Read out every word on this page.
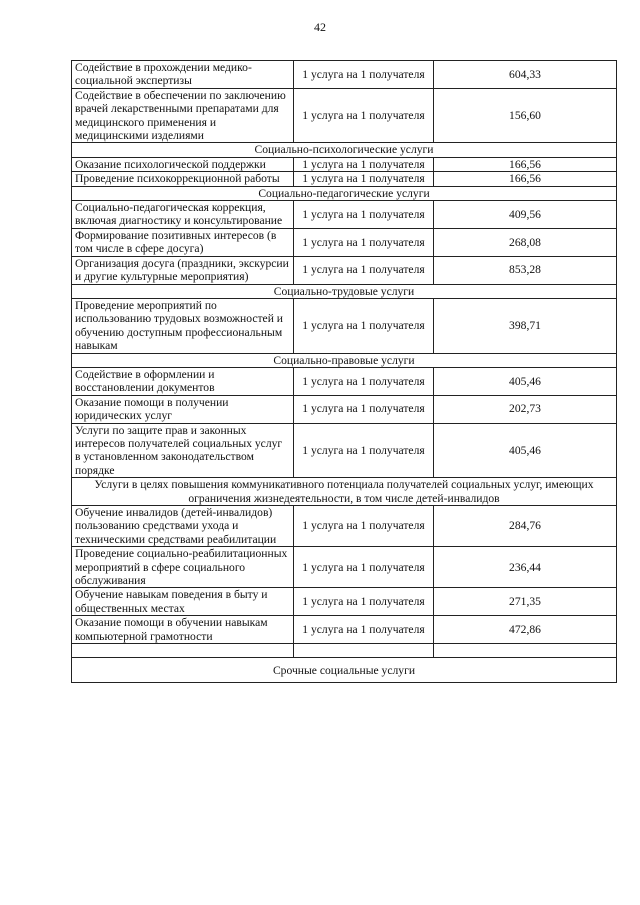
42
Содействие в прохождении медико-социальной экспертизы	1 услуга на 1 получателя	604,33
Содействие в обеспечении по заключению врачей лекарственными препаратами для медицинского применения и медицинскими изделиями	1 услуга на 1 получателя	156,60
Социально-психологические услуги		
Оказание психологической поддержки	1 услуга на 1 получателя	166,56
Проведение психокоррекционной работы	1 услуга на 1 получателя	166,56
Социально-педагогические услуги		
Социально-педагогическая коррекция, включая диагностику и консультирование	1 услуга на 1 получателя	409,56
Формирование позитивных интересов (в том числе в сфере досуга)	1 услуга на 1 получателя	268,08
Организация досуга (праздники, экскурсии и другие культурные мероприятия)	1 услуга на 1 получателя	853,28
Социально-трудовые услуги		
Проведение мероприятий по использованию трудовых возможностей и обучению доступным профессиональным навыкам	1 услуга на 1 получателя	398,71
Социально-правовые услуги		
Содействие в оформлении и восстановлении документов	1 услуга на 1 получателя	405,46
Оказание помощи в получении юридических услуг	1 услуга на 1 получателя	202,73
Услуги по защите прав и законных интересов получателей социальных услуг в установленном законодательством порядке	1 услуга на 1 получателя	405,46
Услуги в целях повышения коммуникативного потенциала получателей социальных услуг, имеющих ограничения жизнедеятельности, в том числе детей-инвалидов		
Обучение инвалидов (детей-инвалидов) пользованию средствами ухода и техническими средствами реабилитации	1 услуга на 1 получателя	284,76
Проведение социально-реабилитационных мероприятий в сфере социального обслуживания	1 услуга на 1 получателя	236,44
Обучение навыкам поведения в быту и общественных местах	1 услуга на 1 получателя	271,35
Оказание помощи в обучении навыкам компьютерной грамотности	1 услуга на 1 получателя	472,86

Срочные социальные услуги		
